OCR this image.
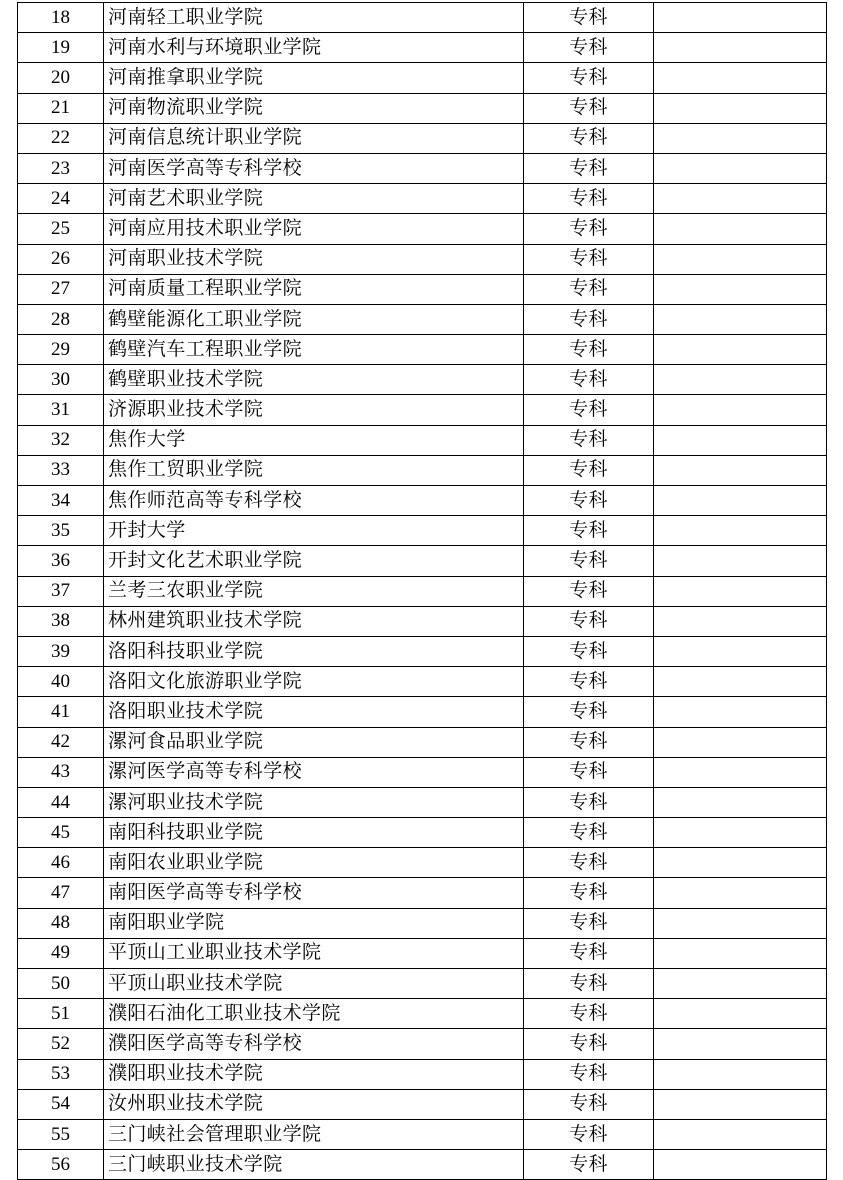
18	河南轻工职业学院	专科	
19	河南水利与环境职业学院	专科	
20	河南推拿职业学院	专科	
21	河南物流职业学院	专科	
22	河南信息统计职业学院	专科	
23	河南医学高等专科学校	专科	
24	河南艺术职业学院	专科	
25	河南应用技术职业学院	专科	
26	河南职业技术学院	专科	
27	河南质量工程职业学院	专科	
28	鹤壁能源化工职业学院	专科	
29	鹤壁汽车工程职业学院	专科	
30	鹤壁职业技术学院	专科	
31	济源职业技术学院	专科	
32	焦作大学	专科	
33	焦作工贸职业学院	专科	
34	焦作师范高等专科学校	专科	
35	开封大学	专科	
36	开封文化艺术职业学院	专科	
37	兰考三农职业学院	专科	
38	林州建筑职业技术学院	专科	
39	洛阳科技职业学院	专科	
40	洛阳文化旅游职业学院	专科	
41	洛阳职业技术学院	专科	
42	漯河食品职业学院	专科	
43	漯河医学高等专科学校	专科	
44	漯河职业技术学院	专科	
45	南阳科技职业学院	专科	
46	南阳农业职业学院	专科	
47	南阳医学高等专科学校	专科	
48	南阳职业学院	专科	
49	平顶山工业职业技术学院	专科	
50	平顶山职业技术学院	专科	
51	濮阳石油化工职业技术学院	专科	
52	濮阳医学高等专科学校	专科	
53	濮阳职业技术学院	专科	
54	汝州职业技术学院	专科	
55	三门峡社会管理职业学院	专科	
56	三门峡职业技术学院	专科	
